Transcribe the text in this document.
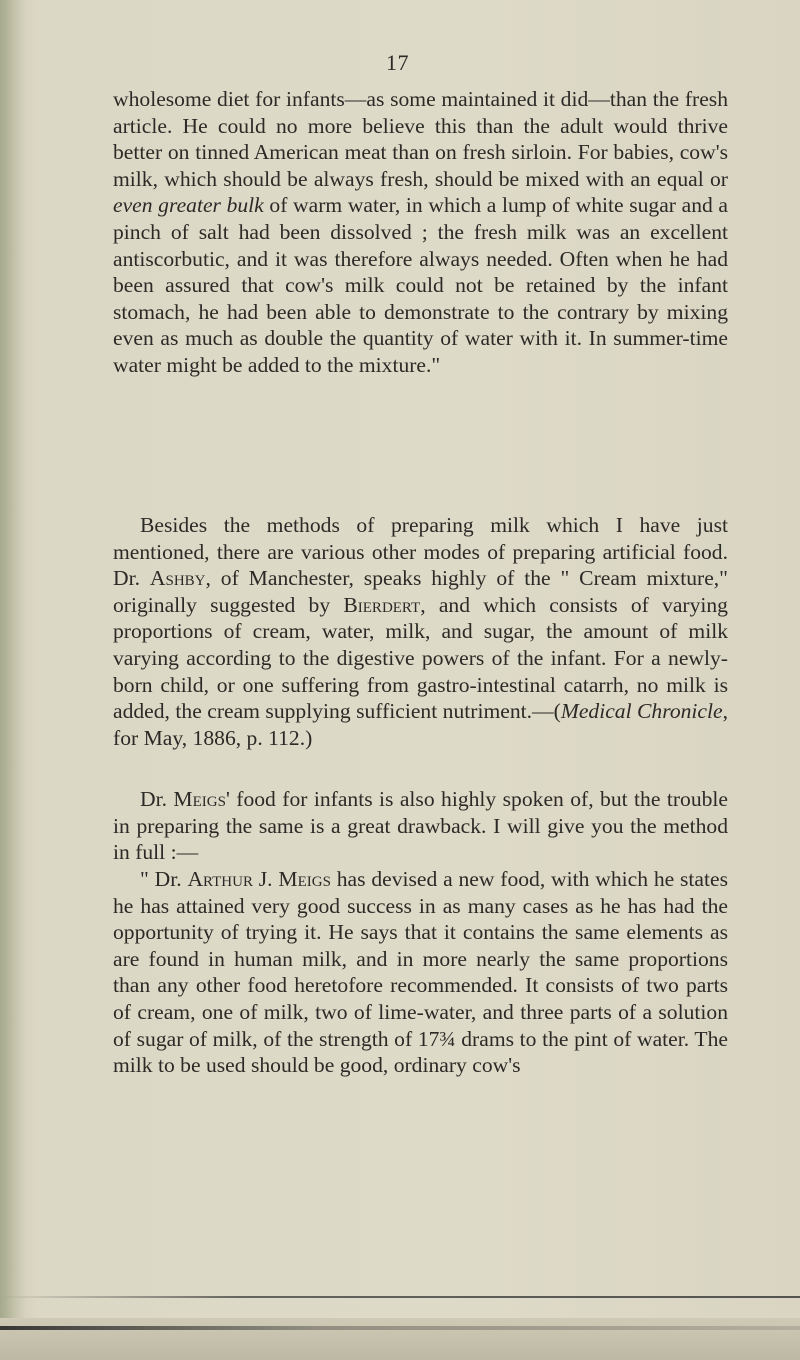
17
wholesome diet for infants—as some maintained it did—than the fresh article. He could no more believe this than the adult would thrive better on tinned American meat than on fresh sirloin. For babies, cow's milk, which should be always fresh, should be mixed with an equal or even greater bulk of warm water, in which a lump of white sugar and a pinch of salt had been dissolved ; the fresh milk was an excellent antiscorbutic, and it was therefore always needed. Often when he had been assured that cow's milk could not be retained by the infant stomach, he had been able to demonstrate to the contrary by mixing even as much as double the quantity of water with it. In summer-time water might be added to the mixture."
Besides the methods of preparing milk which I have just mentioned, there are various other modes of preparing artificial food. Dr. Ashby, of Manchester, speaks highly of the " Cream mixture," originally suggested by Bierdert, and which consists of varying proportions of cream, water, milk, and sugar, the amount of milk varying according to the digestive powers of the infant. For a newly-born child, or one suffering from gastro-intestinal catarrh, no milk is added, the cream supplying sufficient nutriment.—(Medical Chronicle, for May, 1886, p. 112.)
Dr. Meigs' food for infants is also highly spoken of, but the trouble in preparing the same is a great drawback. I will give you the method in full :—
" Dr. Arthur J. Meigs has devised a new food, with which he states he has attained very good success in as many cases as he has had the opportunity of trying it. He says that it contains the same elements as are found in human milk, and in more nearly the same proportions than any other food heretofore recommended. It consists of two parts of cream, one of milk, two of lime-water, and three parts of a solution of sugar of milk, of the strength of 17¾ drams to the pint of water. The milk to be used should be good, ordinary cow's
